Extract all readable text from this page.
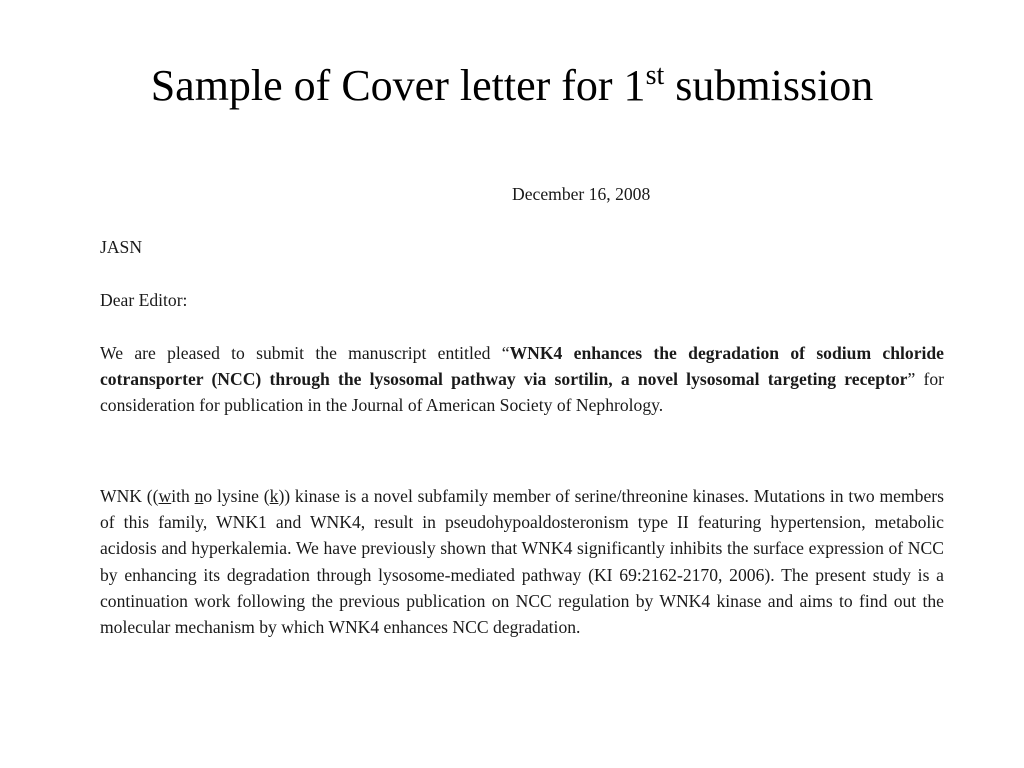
Sample of Cover letter for 1st submission
December 16, 2008
JASN
Dear Editor:

We are pleased to submit the manuscript entitled “WNK4 enhances the degradation of sodium chloride cotransporter (NCC) through the lysosomal pathway via sortilin, a novel lysosomal targeting receptor” for consideration for publication in the Journal of American Society of Nephrology.

WNK ((with no lysine (k)) kinase is a novel subfamily member of serine/threonine kinases. Mutations in two members of this family, WNK1 and WNK4, result in pseudohypoaldosteronism type II featuring hypertension, metabolic acidosis and hyperkalemia. We have previously shown that WNK4 significantly inhibits the surface expression of NCC by enhancing its degradation through lysosome-mediated pathway (KI 69:2162-2170, 2006). The present study is a continuation work following the previous publication on NCC regulation by WNK4 kinase and aims to find out the molecular mechanism by which WNK4 enhances NCC degradation.
